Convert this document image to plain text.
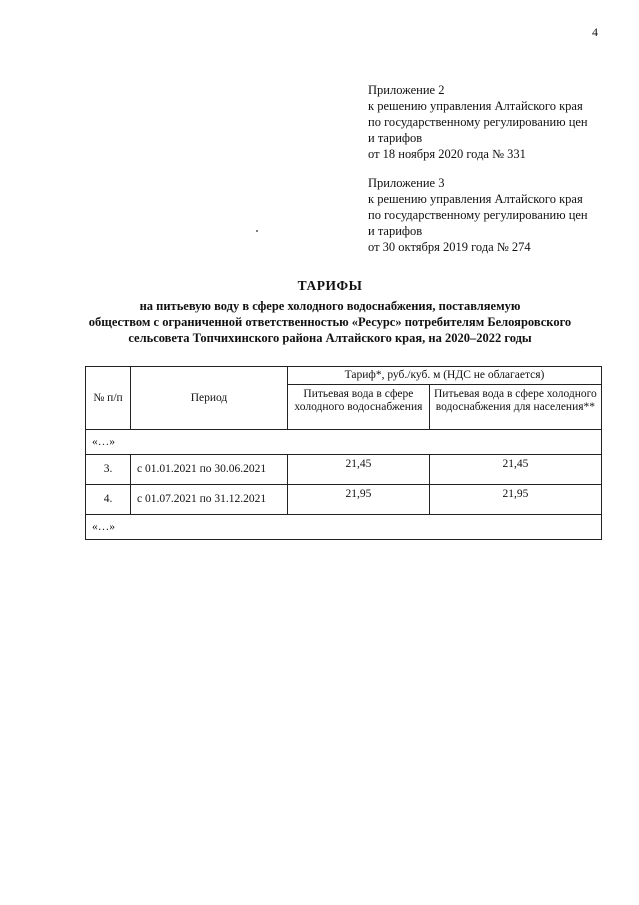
4
Приложение 2
к решению управления Алтайского края
по государственному регулированию цен
и тарифов
от 18 ноября 2020 года № 331
Приложение 3
к решению управления Алтайского края
по государственному регулированию цен
и тарифов
от 30 октября 2019 года № 274
ТАРИФЫ
на питьевую воду в сфере холодного водоснабжения, поставляемую
обществом с ограниченной ответственностью «Ресурс» потребителям Белояровского
сельсовета Топчихинского района Алтайского края, на 2020–2022 годы
№ п/п	Период	Тариф*, руб./куб. м (НДС не облагается)	
		Питьевая вода в сфере холодного водоснабжения	Питьевая вода в сфере холодного водоснабжения для населения**
«…»			
3.	с 01.01.2021 по 30.06.2021	21,45	21,45
4.	с 01.07.2021 по 31.12.2021	21,95	21,95
«…»			
